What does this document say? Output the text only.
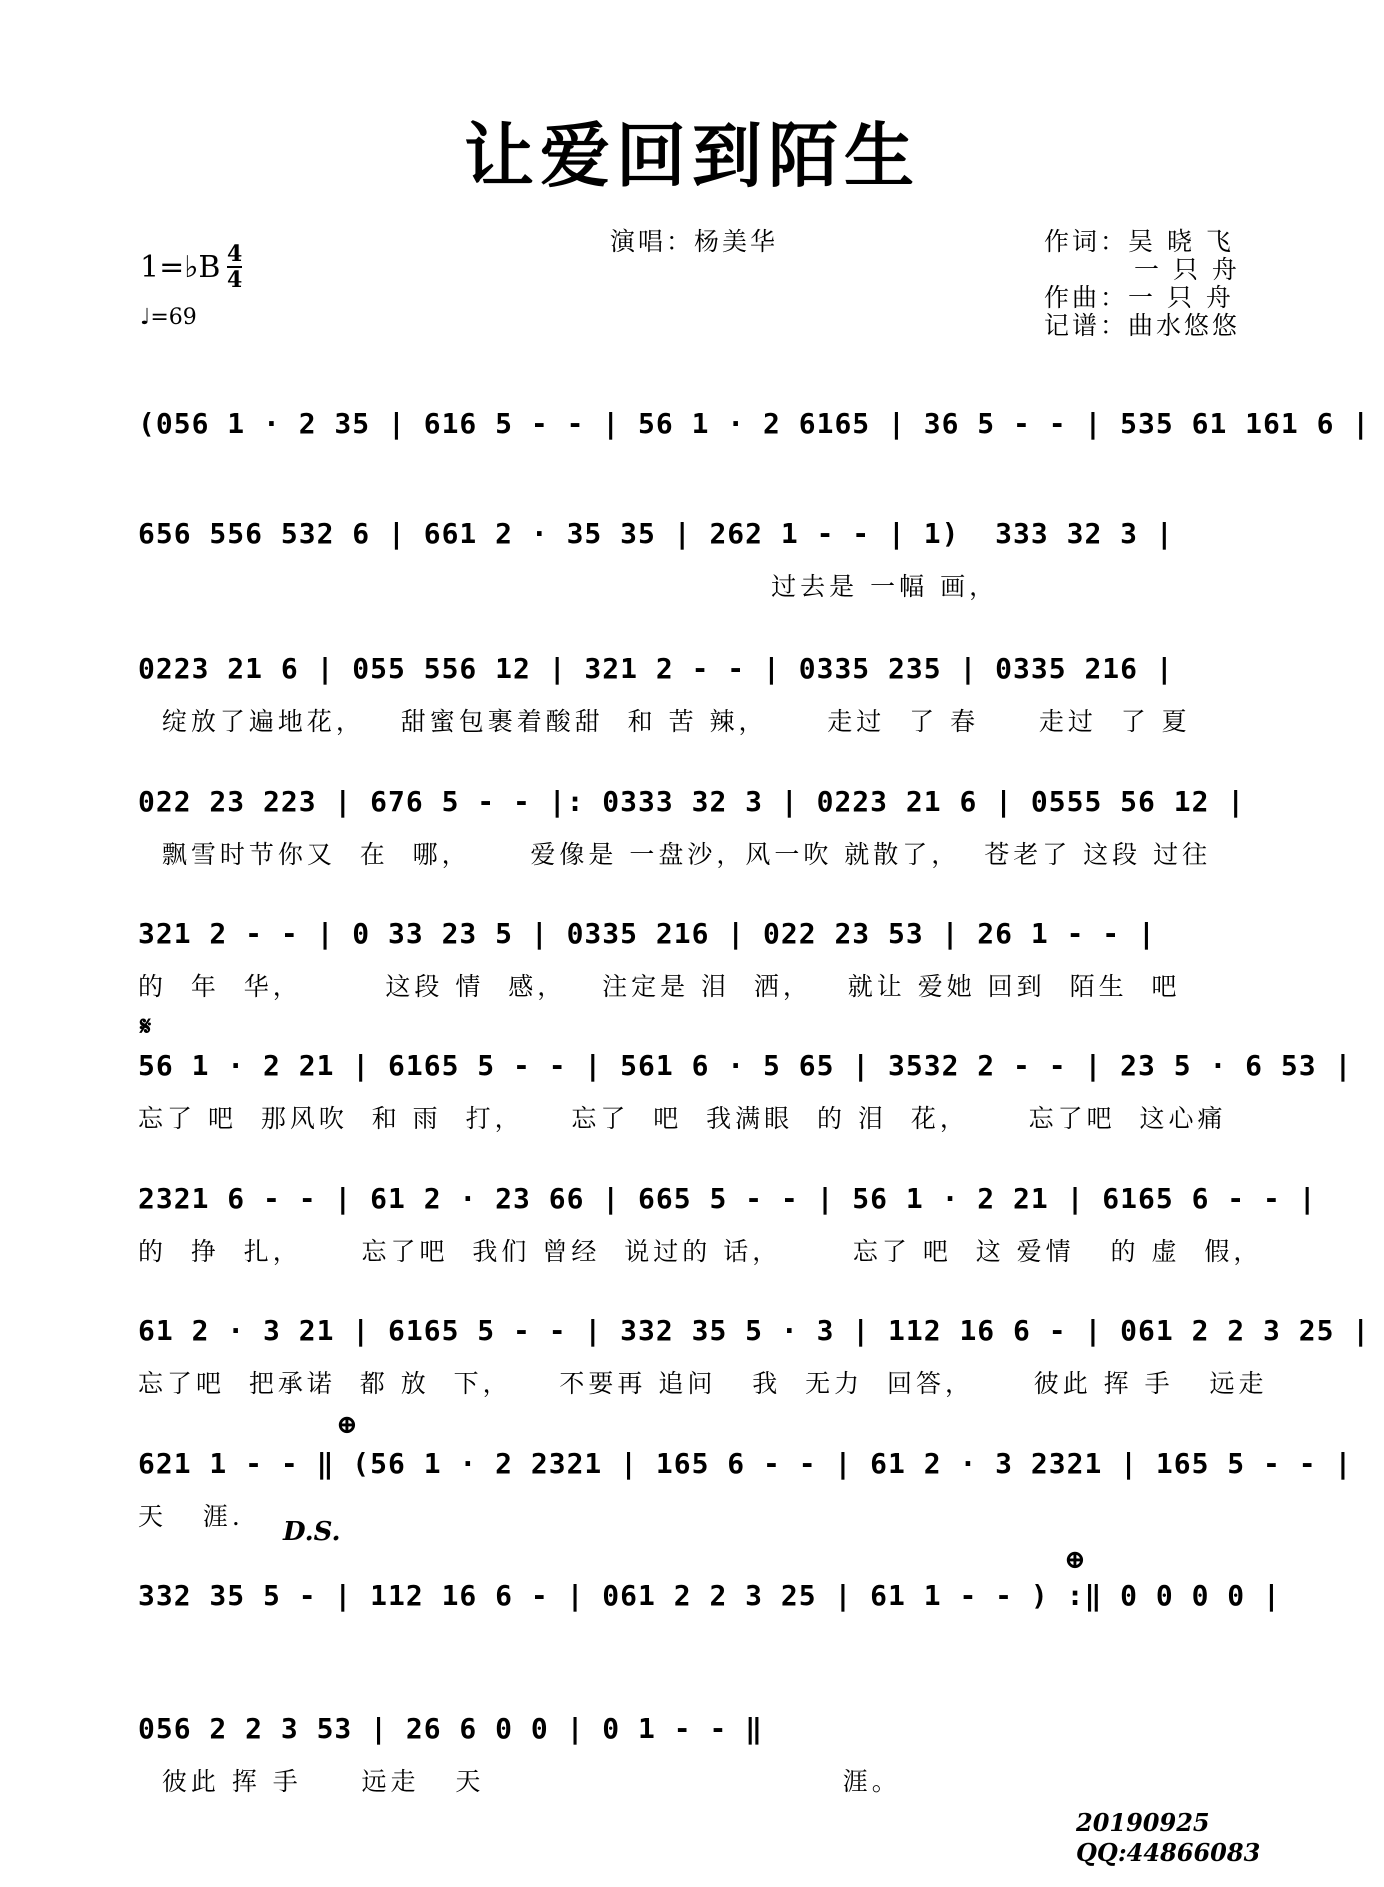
让爱回到陌生
演唱：杨美华	作词：吴 晓 飞
一 只 舟
作曲：一 只 舟
记谱：曲水悠悠
1=♭B 4
4
♩=69
(056 1 · 2 35 | 616 5 - - | 56 1 · 2 6165 | 36 5 - - | 535 61 161 6 |
656 556 532 6 | 661 2 · 35 35 | 262 1 - - | 1)  333 32 3 |
过去是 一幅 画，
0223 21 6 | 055 556 12 | 321 2 - - | 0335 235 | 0335 216 |
绽放了遍地花，   甜蜜包裹着酸甜  和 苦 辣，     走过  了 春     走过  了 夏
022 23 223 | 676 5 - - |: 0333 32 3 | 0223 21 6 | 0555 56 12 |
飘雪时节你又  在  哪，     爱像是 一盘沙，风一吹 就散了，  苍老了 这段 过往
321 2 - - | 0 33 23 5 | 0335 216 | 022 23 53 | 26 1 - - |
的  年  华，       这段 情  感，   注定是 泪  洒，   就让 爱她 回到  陌生  吧
𝄋
56 1 · 2 21 | 6165 5 - - | 561 6 · 5 65 | 3532 2 - - | 23 5 · 6 53 |
忘了 吧  那风吹  和 雨  打，    忘了  吧  我满眼  的 泪  花，     忘了吧  这心痛
2321 6 - - | 61 2 · 23 66 | 665 5 - - | 56 1 · 2 21 | 6165 6 - - |
的  挣  扎，     忘了吧  我们 曾经  说过的 话，      忘了 吧  这 爱情   的 虚  假，
61 2 · 3 21 | 6165 5 - - | 332 35 5 · 3 | 112 16 6 - | 061 2 2 3 25 |
忘了吧  把承诺  都 放  下，    不要再 追问   我  无力  回答，     彼此 挥 手   远走
⊕
621 1 - - ‖ (56 1 · 2 2321 | 165 6 - - | 61 2 · 3 2321 | 165 5 - - |
天   涯.
D.S.
332 35 5 - | 112 16 6 - | 061 2 2 3 25 | 61 1 - - ) :‖ 0 0 0 0 |
⊕
056 2 2 3 53 | 26 6 0 0 | 0 1 - - ‖
彼此 挥 手     远走   天                              涯。
20190925
QQ:44866083
